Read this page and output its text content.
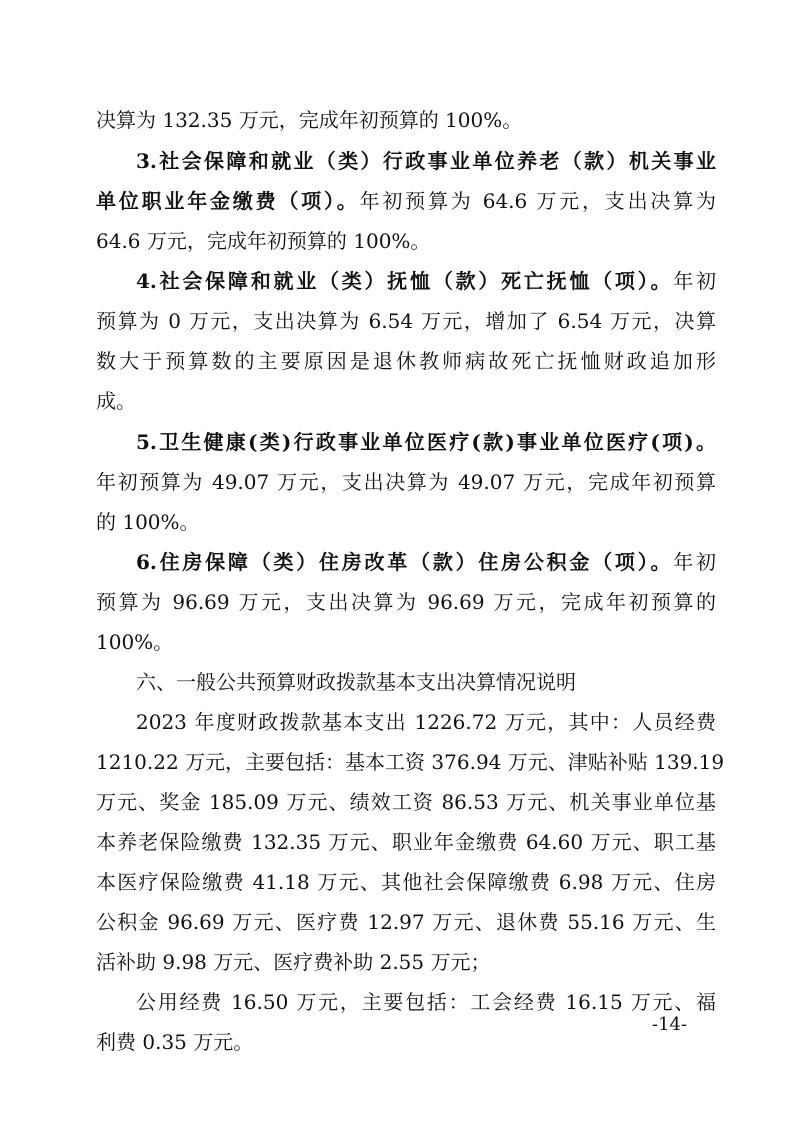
决算为 132.35 万元，完成年初预算的 100%。
3.社会保障和就业（类）行政事业单位养老（款）机关事业
单位职业年金缴费（项）。年初预算为 64.6 万元，支出决算为
64.6 万元，完成年初预算的 100%。
4.社会保障和就业（类）抚恤（款）死亡抚恤（项）。年初
预算为 0 万元，支出决算为 6.54 万元，增加了 6.54 万元，决算
数大于预算数的主要原因是退休教师病故死亡抚恤财政追加形
成。
5.卫生健康(类)行政事业单位医疗(款)事业单位医疗(项)。
年初预算为 49.07 万元，支出决算为 49.07 万元，完成年初预算
的 100%。
6.住房保障（类）住房改革（款）住房公积金（项）。年初
预算为 96.69 万元，支出决算为 96.69 万元，完成年初预算的
100%。
六、一般公共预算财政拨款基本支出决算情况说明
2023 年度财政拨款基本支出 1226.72 万元，其中：人员经费
1210.22 万元，主要包括：基本工资 376.94 万元、津贴补贴 139.19
万元、奖金 185.09 万元、绩效工资 86.53 万元、机关事业单位基
本养老保险缴费 132.35 万元、职业年金缴费 64.60 万元、职工基
本医疗保险缴费 41.18 万元、其他社会保障缴费 6.98 万元、住房
公积金 96.69 万元、医疗费 12.97 万元、退休费 55.16 万元、生
活补助 9.98 万元、医疗费补助 2.55 万元；
公用经费 16.50 万元，主要包括：工会经费 16.15 万元、福
利费 0.35 万元。
-14-
